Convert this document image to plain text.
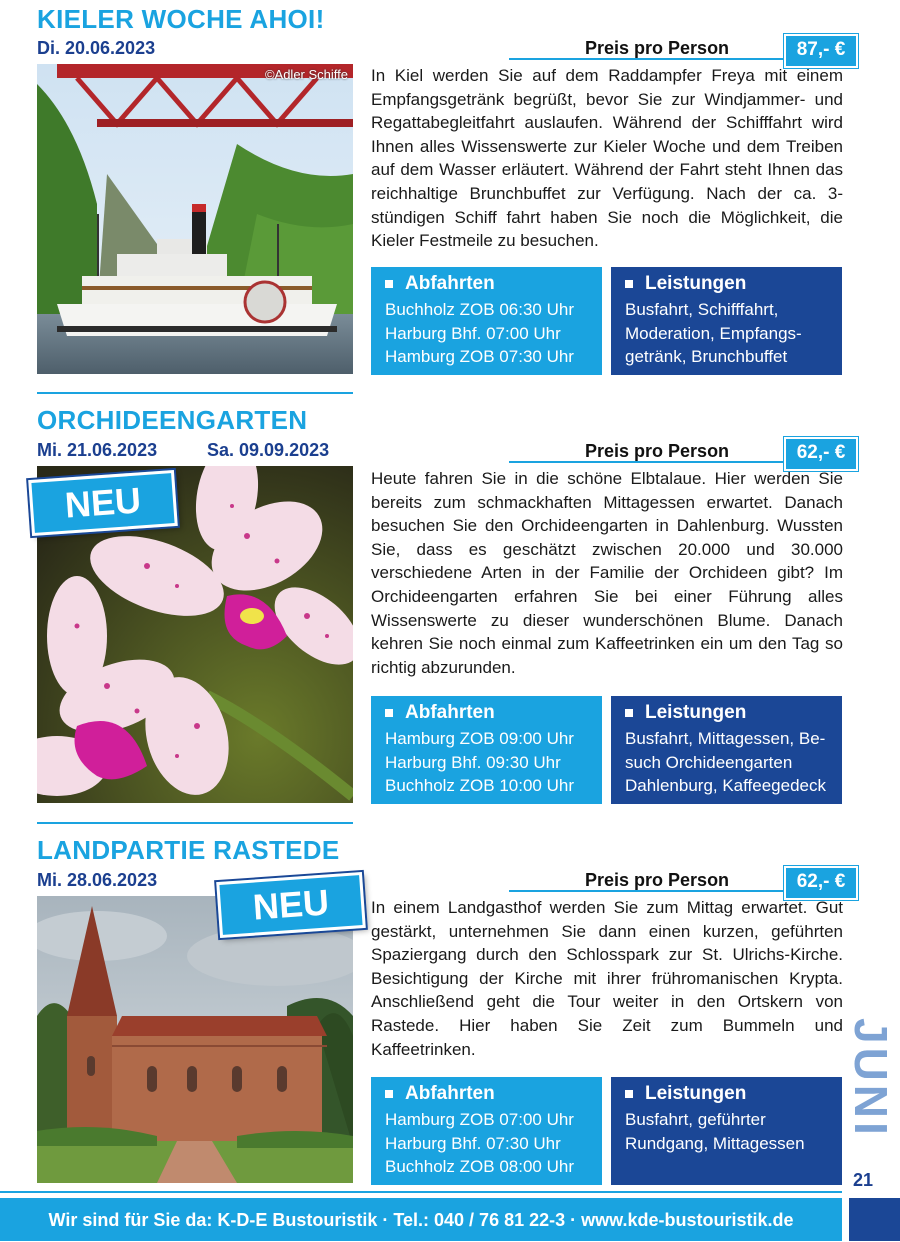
KIELER WOCHE AHOI!
Di. 20.06.2023
©Adler Schiffe
Preis pro Person	87,- €
In Kiel werden Sie auf dem Raddampfer Freya mit einem Empfangsgetränk begrüßt, bevor Sie zur Windjammer- und Regattabegleitfahrt auslaufen. Während der Schifffahrt wird Ihnen alles Wissenswerte zur Kieler Woche und dem Treiben auf dem Wasser erläutert. Während der Fahrt steht Ihnen das reichhaltige Brunchbuffet zur Verfügung. Nach der ca. 3-stündigen Schiff fahrt haben Sie noch die Möglichkeit, die Kieler Festmeile zu besuchen.
Abfahrten
Buchholz ZOB 06:30 Uhr
Harburg Bhf. 07:00 Uhr
Hamburg ZOB 07:30 Uhr
Leistungen
Busfahrt, Schifffahrt,
Moderation, Empfangs-
getränk, Brunchbuffet
ORCHIDEENGARTEN
Mi. 21.06.2023	Sa. 09.09.2023
NEU
Preis pro Person	62,- €
Heute fahren Sie in die schöne Elbtalaue. Hier werden Sie bereits zum schmackhaften Mittagessen erwartet. Danach besuchen Sie den Orchideengarten in Dahlenburg. Wussten Sie, dass es geschätzt zwischen 20.000 und 30.000 verschiedene Arten in der Familie der Orchideen gibt? Im Orchideengarten erfahren Sie bei einer Führung alles Wissenswerte zu dieser wunderschönen Blume. Danach kehren Sie noch einmal zum Kaffeetrinken ein um den Tag so richtig abzurunden.
Abfahrten
Hamburg ZOB 09:00 Uhr
Harburg Bhf. 09:30 Uhr
Buchholz ZOB 10:00 Uhr
Leistungen
Busfahrt, Mittagessen, Be-
such Orchideengarten
Dahlenburg, Kaffeegedeck
LANDPARTIE RASTEDE
Mi. 28.06.2023
NEU
Preis pro Person	62,- €
In einem Landgasthof werden Sie zum Mittag erwartet. Gut gestärkt, unternehmen Sie dann einen kurzen, geführten Spaziergang durch den Schlosspark zur St. Ulrichs-Kirche. Besichtigung der Kirche mit ihrer frühromanischen Krypta. Anschließend geht die Tour weiter in den Ortskern von Rastede. Hier haben Sie Zeit zum Bummeln und Kaffeetrinken.
Abfahrten
Hamburg ZOB 07:00 Uhr
Harburg Bhf. 07:30 Uhr
Buchholz ZOB 08:00 Uhr
Leistungen
Busfahrt, geführter
Rundgang, Mittagessen
JUNI
21
Wir sind für Sie da: K-D-E Bustouristik · Tel.: 040 / 76 81 22-3 · www.kde-bustouristik.de
